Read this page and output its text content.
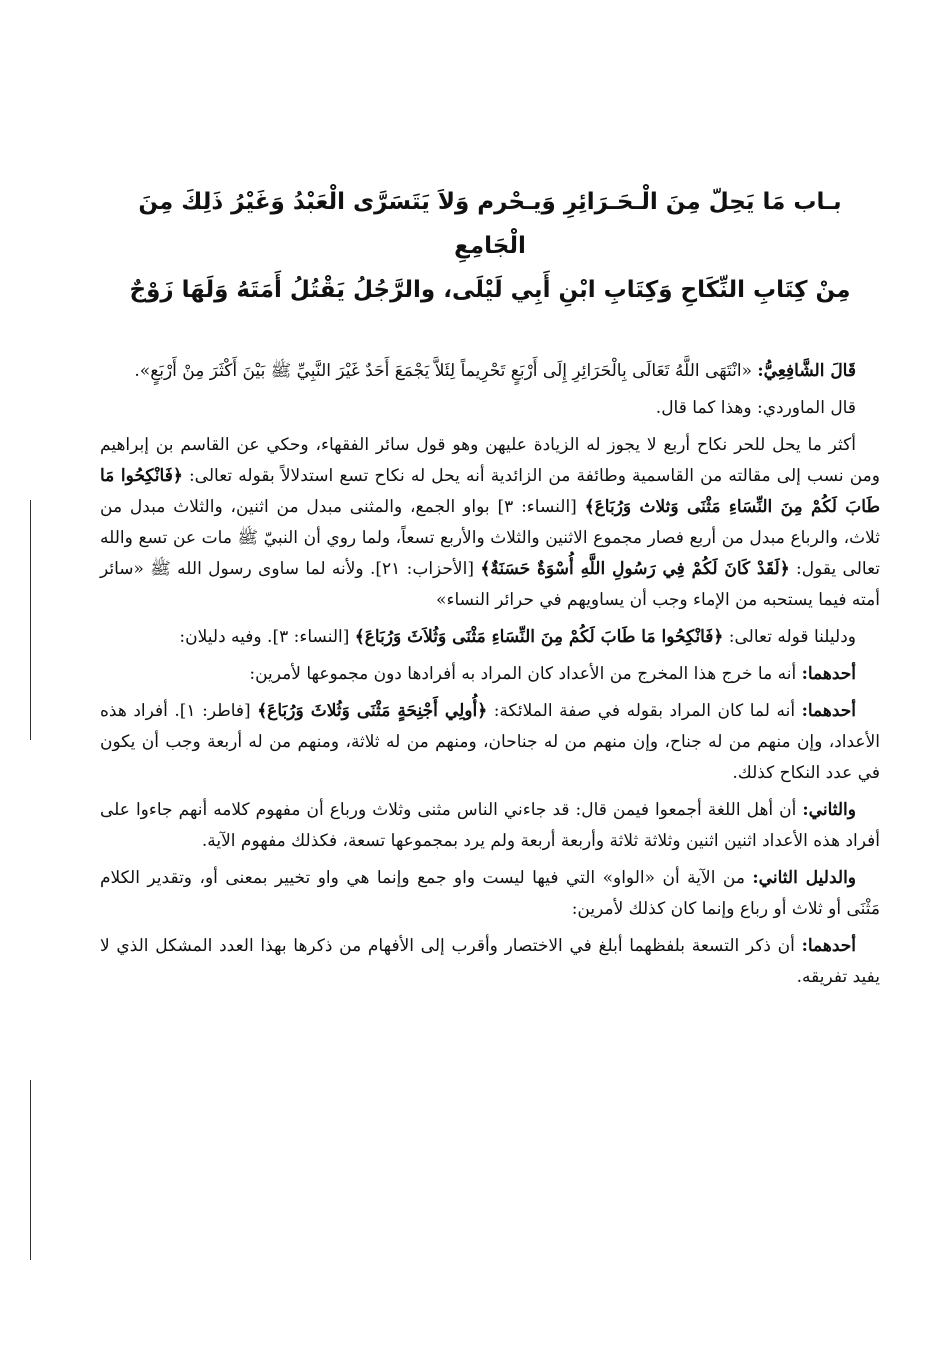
بـاب مَا يَحِلّ مِنَ الْـحَـرَائِرِ وَيـحْرم وَلاَ يَتَسَرَّى الْعَبْدُ وَغَيْرُ ذَلِكَ مِنَ الْجَامِعِ
مِنْ كِتَابِ النِّكَاحِ وَكِتَابِ ابْنِ أَبِي لَيْلَى، والرَّجُلُ يَقْتُلُ أَمَتَهُ وَلَهَا زَوْجٌ

قَالَ الشَّافِعِيُّ: «انْتَهَى اللَّهُ تَعَالَى بِالْحَرَائِرِ إِلَى أَرْبَعٍ تَحْرِيماً لِئَلاَّ يَجْمَعَ أَحَدٌ غَيْرَ النَّبِيِّ ﷺ بَيْنَ أَكْثَرَ مِنْ أَرْبَعٍ».

قال الماوردي: وهذا كما قال.

أكثر ما يحل للحر نكاح أربع لا يجوز له الزيادة عليهن وهو قول سائر الفقهاء، وحكي عن القاسم بن إبراهيم ومن نسب إلى مقالته من القاسمية وطائفة من الزائدية أنه يحل له نكاح تسع استدلالاً بقوله تعالى: ﴿فَانْكِحُوا مَا طَابَ لَكُمْ مِنَ النِّسَاءِ مَثْنَى وَثلاث وَرُبَاعَ﴾ [النساء: ٣] بواو الجمع، والمثنى مبدل من اثنين، والثلاث مبدل من ثلاث، والرباع مبدل من أربع فصار مجموع الاثنين والثلاث والأربع تسعاً، ولما روي أن النبيّ ﷺ مات عن تسع والله تعالى يقول: ﴿لَقَدْ كَانَ لَكُمْ فِي رَسُولِ اللَّهِ أُسْوَةٌ حَسَنَةٌ﴾ [الأحزاب: ٢١]. ولأنه لما ساوى رسول الله ﷺ «سائر أمته فيما يستحبه من الإماء وجب أن يساويهم في حرائر النساء»

ودليلنا قوله تعالى: ﴿فَانْكِحُوا مَا طَابَ لَكُمْ مِنَ النِّسَاءِ مَثْنَى وَثُلاَثَ وَرُبَاعَ﴾ [النساء: ٣]. وفيه دليلان:

أحدهما: أنه ما خرج هذا المخرج من الأعداد كان المراد به أفرادها دون مجموعها لأمرين:

أحدهما: أنه لما كان المراد بقوله في صفة الملائكة: ﴿أُولِي أَجْنِحَةٍ مَثْنَى وَثُلاثَ وَرُبَاعَ﴾ [فاطر: ١]. أفراد هذه الأعداد، وإن منهم من له جناح، وإن منهم من له جناحان، ومنهم من له ثلاثة، ومنهم من له أربعة وجب أن يكون في عدد النكاح كذلك.

والثاني: أن أهل اللغة أجمعوا فيمن قال: قد جاءني الناس مثنى وثلاث ورباع أن مفهوم كلامه أنهم جاءوا على أفراد هذه الأعداد اثنين اثنين وثلاثة ثلاثة وأربعة أربعة ولم يرد بمجموعها تسعة، فكذلك مفهوم الآية.

والدليل الثاني: من الآية أن «الواو» التي فيها ليست واو جمع وإنما هي واو تخيير بمعنى أو، وتقدير الكلام مَثْنَى أو ثلاث أو رباع وإنما كان كذلك لأمرين:

أحدهما: أن ذكر التسعة بلفظهما أبلغ في الاختصار وأقرب إلى الأفهام من ذكرها بهذا العدد المشكل الذي لا يفيد تفريقه.
